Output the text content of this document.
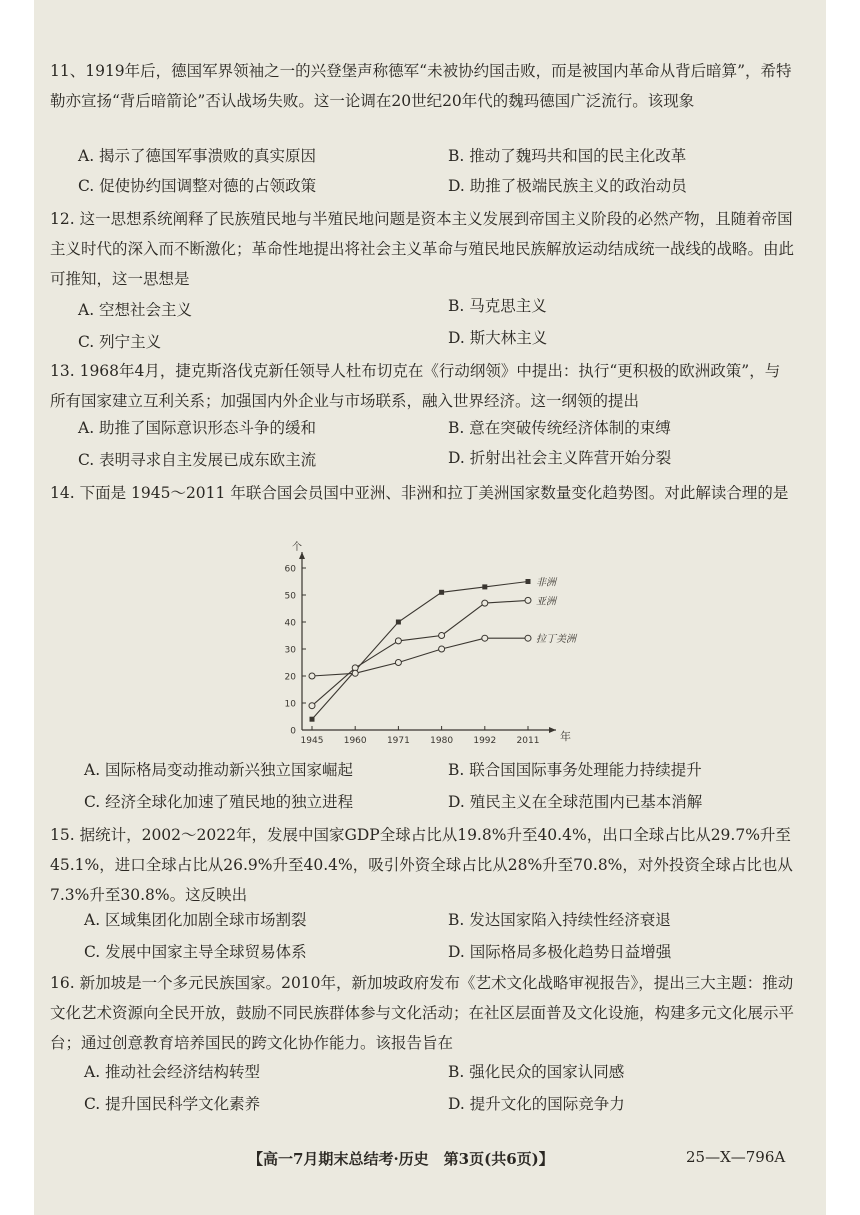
11、1919年后，德国军界领袖之一的兴登堡声称德军“未被协约国击败，而是被国内革命从背后暗算”，希特勒亦宣扬“背后暗箭论”否认战场失败。这一论调在20世纪20年代的魏玛德国广泛流行。该现象

A. 揭示了德国军事溃败的真实原因	B. 推动了魏玛共和国的民主化改革
C. 促使协约国调整对德的占领政策	D. 助推了极端民族主义的政治动员

12. 这一思想系统阐释了民族殖民地与半殖民地问题是资本主义发展到帝国主义阶段的必然产物，且随着帝国主义时代的深入而不断激化；革命性地提出将社会主义革命与殖民地民族解放运动结成统一战线的战略。由此可推知，这一思想是

A. 空想社会主义	B. 马克思主义
C. 列宁主义	D. 斯大林主义

13. 1968年4月，捷克斯洛伐克新任领导人杜布切克在《行动纲领》中提出：执行“更积极的欧洲政策”，与所有国家建立互利关系；加强国内外企业与市场联系，融入世界经济。这一纲领的提出

A. 助推了国际意识形态斗争的缓和	B. 意在突破传统经济体制的束缚
C. 表明寻求自主发展已成东欧主流	D. 折射出社会主义阵营开始分裂

14. 下面是 1945～2011 年联合国会员国中亚洲、非洲和拉丁美洲国家数量变化趋势图。对此解读合理的是

0
10
20
30
40
50
60
个
1945 1960 1971 1980 1992 2011 年
非洲
亚洲
拉丁美洲
A. 国际格局变动推动新兴独立国家崛起	B. 联合国国际事务处理能力持续提升
C. 经济全球化加速了殖民地的独立进程	D. 殖民主义在全球范围内已基本消解

15. 据统计，2002～2022年，发展中国家GDP全球占比从19.8%升至40.4%，出口全球占比从29.7%升至45.1%，进口全球占比从26.9%升至40.4%，吸引外资全球占比从28%升至70.8%，对外投资全球占比也从7.3%升至30.8%。这反映出

A. 区域集团化加剧全球市场割裂	B. 发达国家陷入持续性经济衰退
C. 发展中国家主导全球贸易体系	D. 国际格局多极化趋势日益增强

16. 新加坡是一个多元民族国家。2010年，新加坡政府发布《艺术文化战略审视报告》，提出三大主题：推动文化艺术资源向全民开放，鼓励不同民族群体参与文化活动；在社区层面普及文化设施，构建多元文化展示平台；通过创意教育培养国民的跨文化协作能力。该报告旨在

A. 推动社会经济结构转型	B. 强化民众的国家认同感
C. 提升国民科学文化素养	D. 提升文化的国际竞争力
【高一7月期末总结考·历史　第3页(共6页)】	25—X—796A
